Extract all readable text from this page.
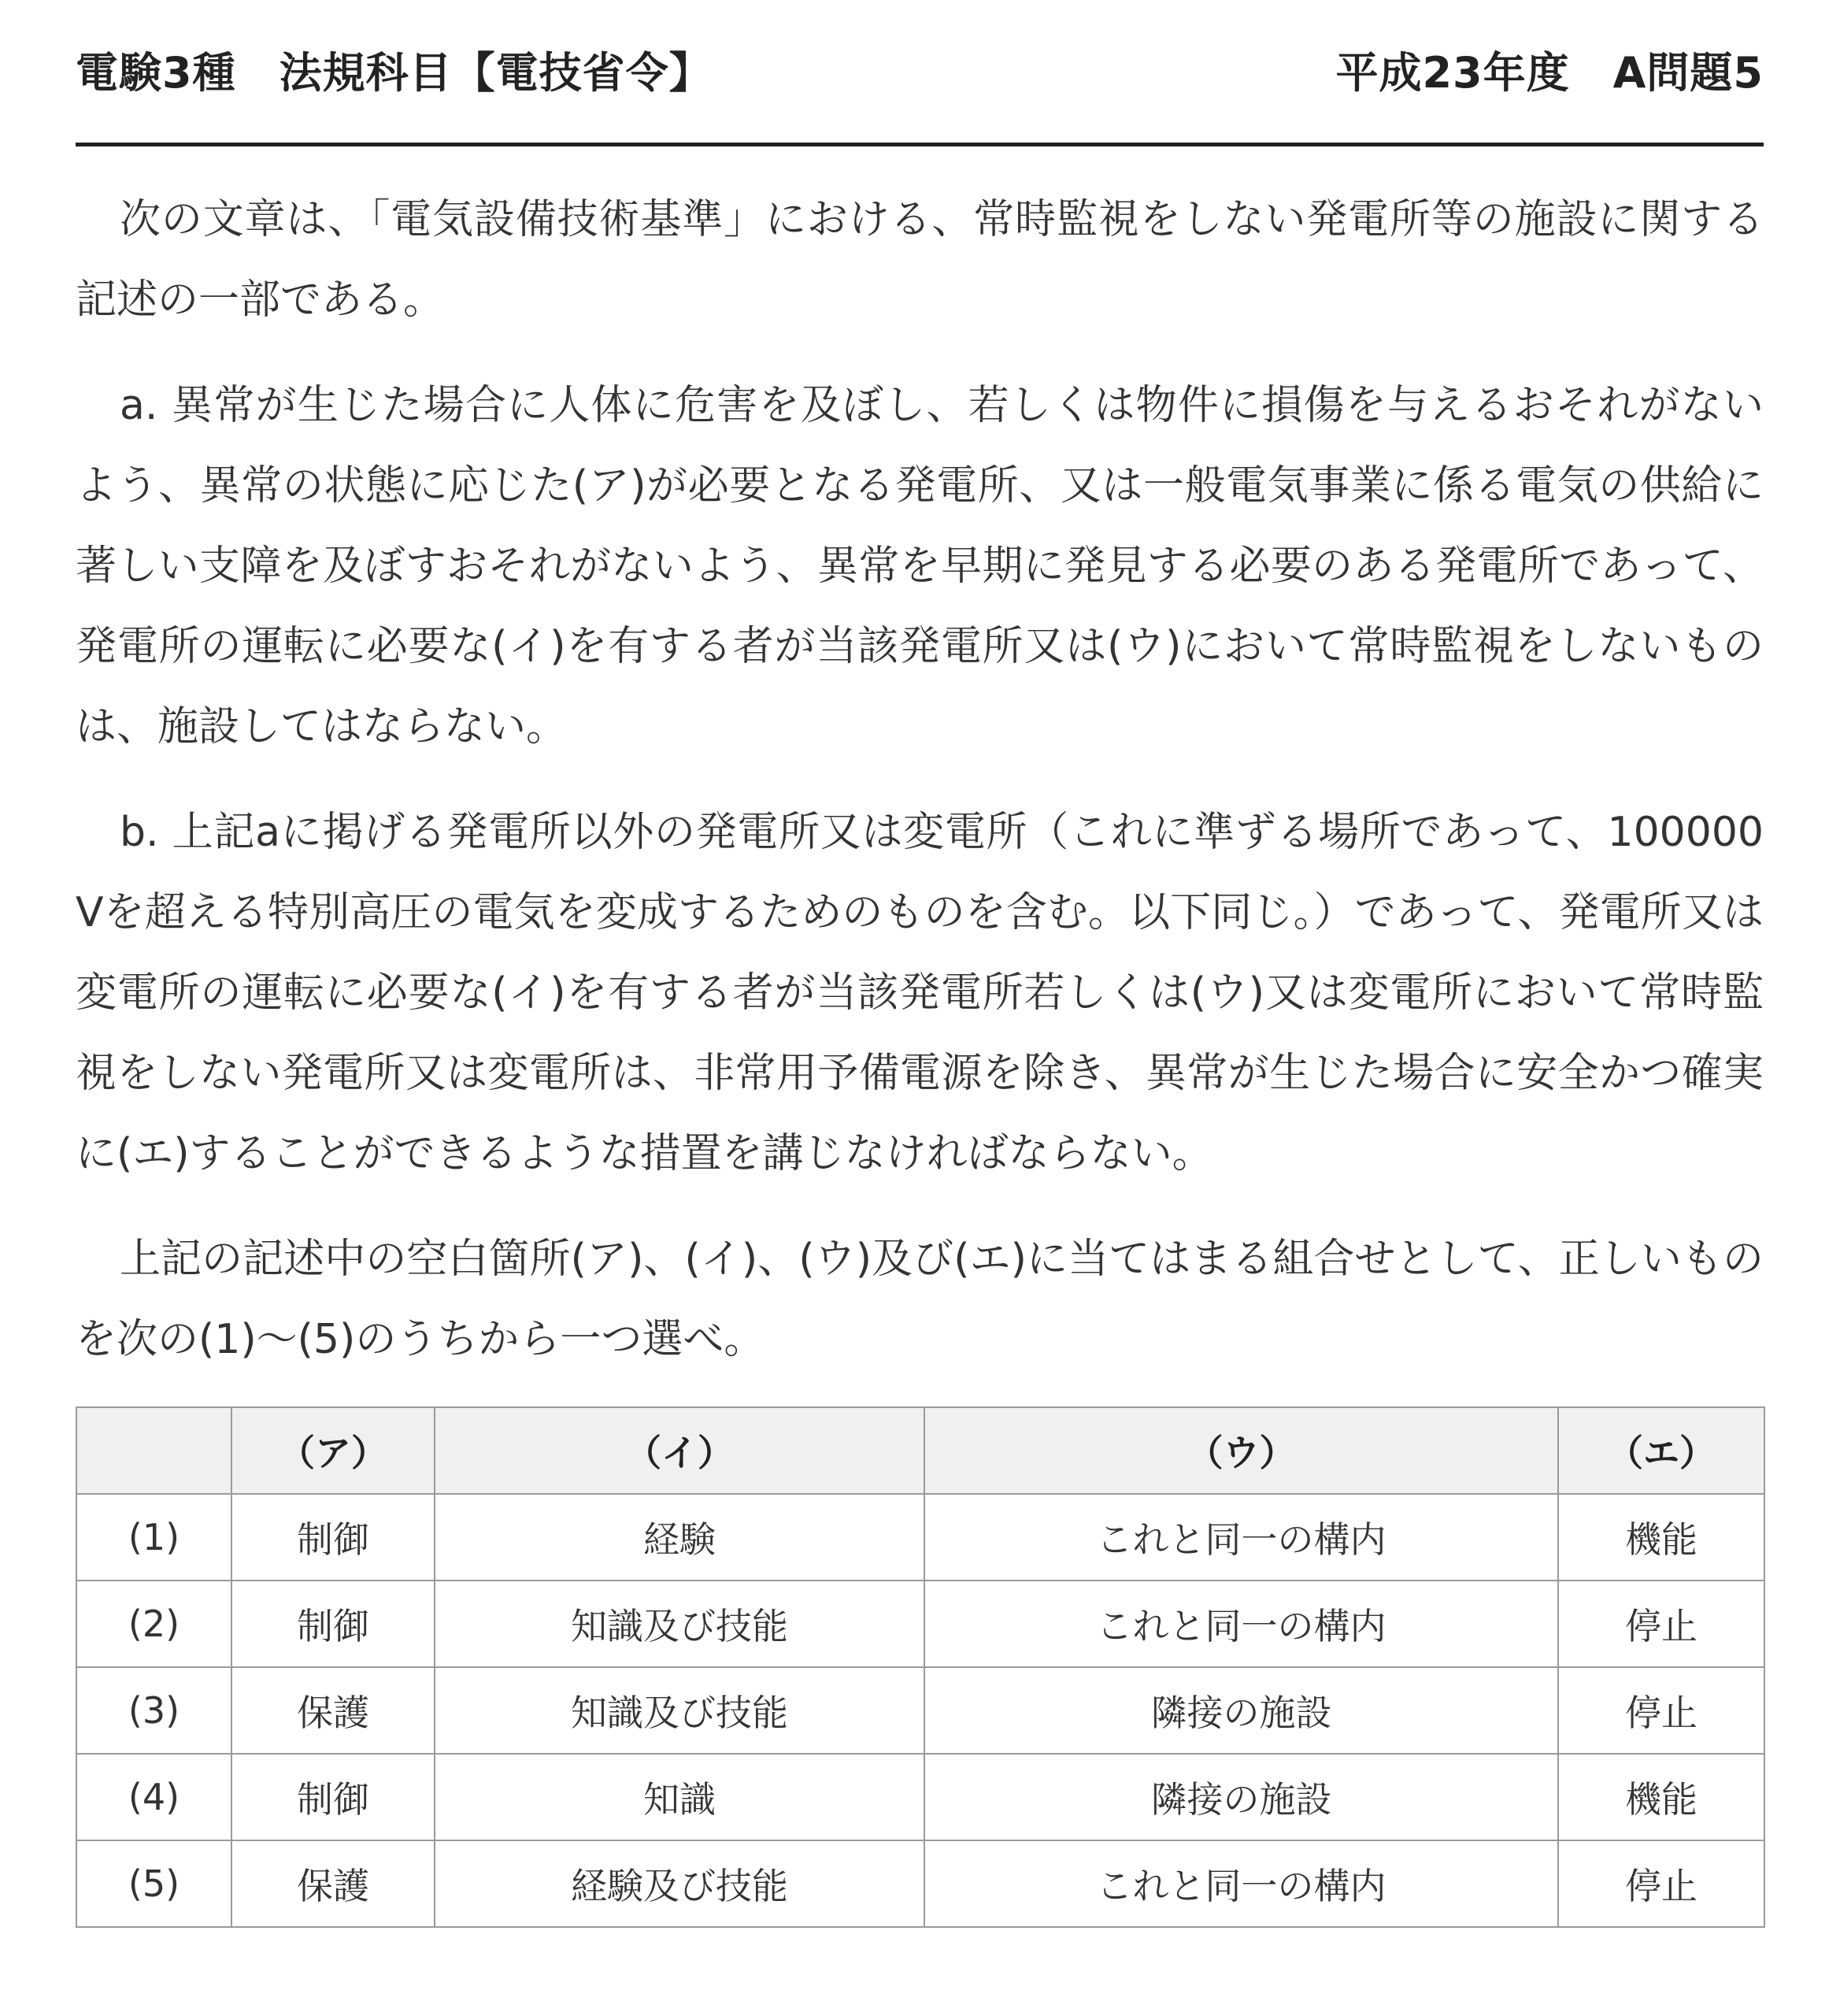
電験3種　法規科目【電技省令】	平成23年度　A問題5

次の文章は、「電気設備技術基準」における、常時監視をしない発電所等の施設に関する記述の一部である。

a. 異常が生じた場合に人体に危害を及ぼし、若しくは物件に損傷を与えるおそれがないよう、異常の状態に応じた(ア)が必要となる発電所、又は一般電気事業に係る電気の供給に著しい支障を及ぼすおそれがないよう、異常を早期に発見する必要のある発電所であって、発電所の運転に必要な(イ)を有する者が当該発電所又は(ウ)において常時監視をしないものは、施設してはならない。

b. 上記aに掲げる発電所以外の発電所又は変電所（これに準ずる場所であって、100000Vを超える特別高圧の電気を変成するためのものを含む。以下同じ。）であって、発電所又は変電所の運転に必要な(イ)を有する者が当該発電所若しくは(ウ)又は変電所において常時監視をしない発電所又は変電所は、非常用予備電源を除き、異常が生じた場合に安全かつ確実に(エ)することができるような措置を講じなければならない。

上記の記述中の空白箇所(ア)、(イ)、(ウ)及び(エ)に当てはまる組合せとして、正しいものを次の(1)〜(5)のうちから一つ選べ。

	（ア）	（イ）	（ウ）	（エ）
(1)	制御	経験	これと同一の構内	機能
(2)	制御	知識及び技能	これと同一の構内	停止
(3)	保護	知識及び技能	隣接の施設	停止
(4)	制御	知識	隣接の施設	機能
(5)	保護	経験及び技能	これと同一の構内	停止
